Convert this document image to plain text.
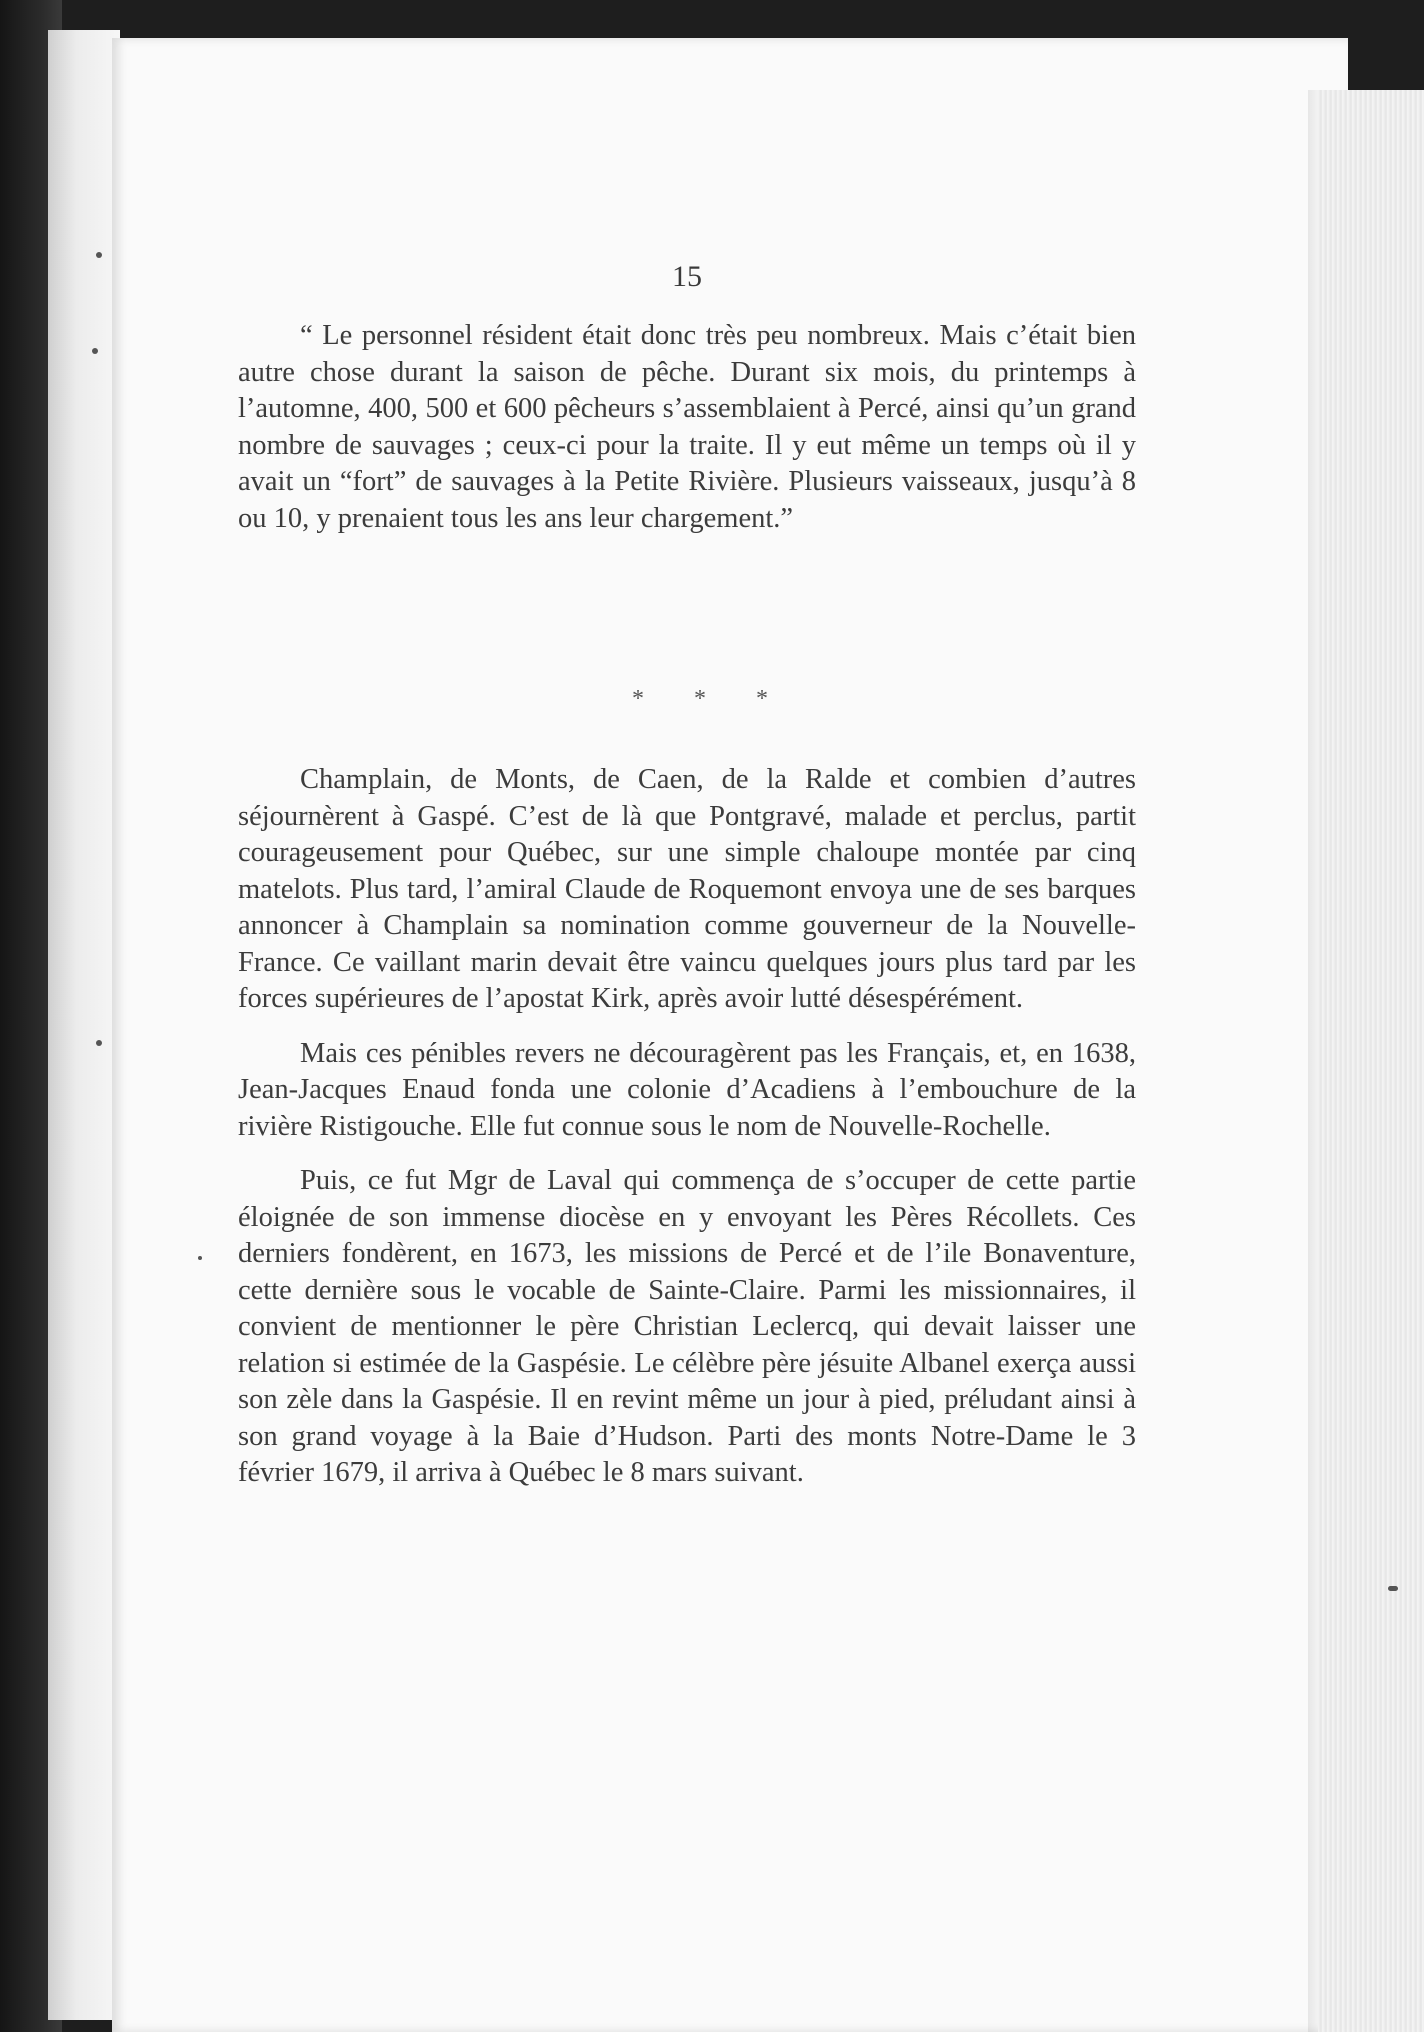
15

“ Le personnel résident était donc très peu nombreux. Mais c’était bien autre chose durant la saison de pêche. Durant six mois, du printemps à l’automne, 400, 500 et 600 pêcheurs s’assemblaient à Percé, ainsi qu’un grand nombre de sauvages ; ceux-ci pour la traite. Il y eut même un temps où il y avait un “fort” de sauvages à la Petite Rivière. Plusieurs vaisseaux, jusqu’à 8 ou 10, y prenaient tous les ans leur chargement.”

* * *

Champlain, de Monts, de Caen, de la Ralde et combien d’autres séjournèrent à Gaspé. C’est de là que Pontgravé, malade et perclus, partit courageusement pour Québec, sur une simple chaloupe montée par cinq matelots. Plus tard, l’amiral Claude de Roquemont envoya une de ses barques annoncer à Champlain sa nomination comme gouverneur de la Nouvelle-France. Ce vaillant marin devait être vaincu quelques jours plus tard par les forces supérieures de l’apostat Kirk, après avoir lutté désespérément.

Mais ces pénibles revers ne découragèrent pas les Français, et, en 1638, Jean-Jacques Enaud fonda une colonie d’Acadiens à l’embouchure de la rivière Ristigouche. Elle fut connue sous le nom de Nouvelle-Rochelle.

Puis, ce fut Mgr de Laval qui commença de s’occuper de cette partie éloignée de son immense diocèse en y envoyant les Pères Récollets. Ces derniers fondèrent, en 1673, les missions de Percé et de l’ile Bonaventure, cette dernière sous le vocable de Sainte-Claire. Parmi les missionnaires, il convient de mentionner le père Christian Leclercq, qui devait laisser une relation si estimée de la Gaspésie. Le célèbre père jésuite Albanel exerça aussi son zèle dans la Gaspésie. Il en revint même un jour à pied, préludant ainsi à son grand voyage à la Baie d’Hudson. Parti des monts Notre-Dame le 3 février 1679, il arriva à Québec le 8 mars suivant.
